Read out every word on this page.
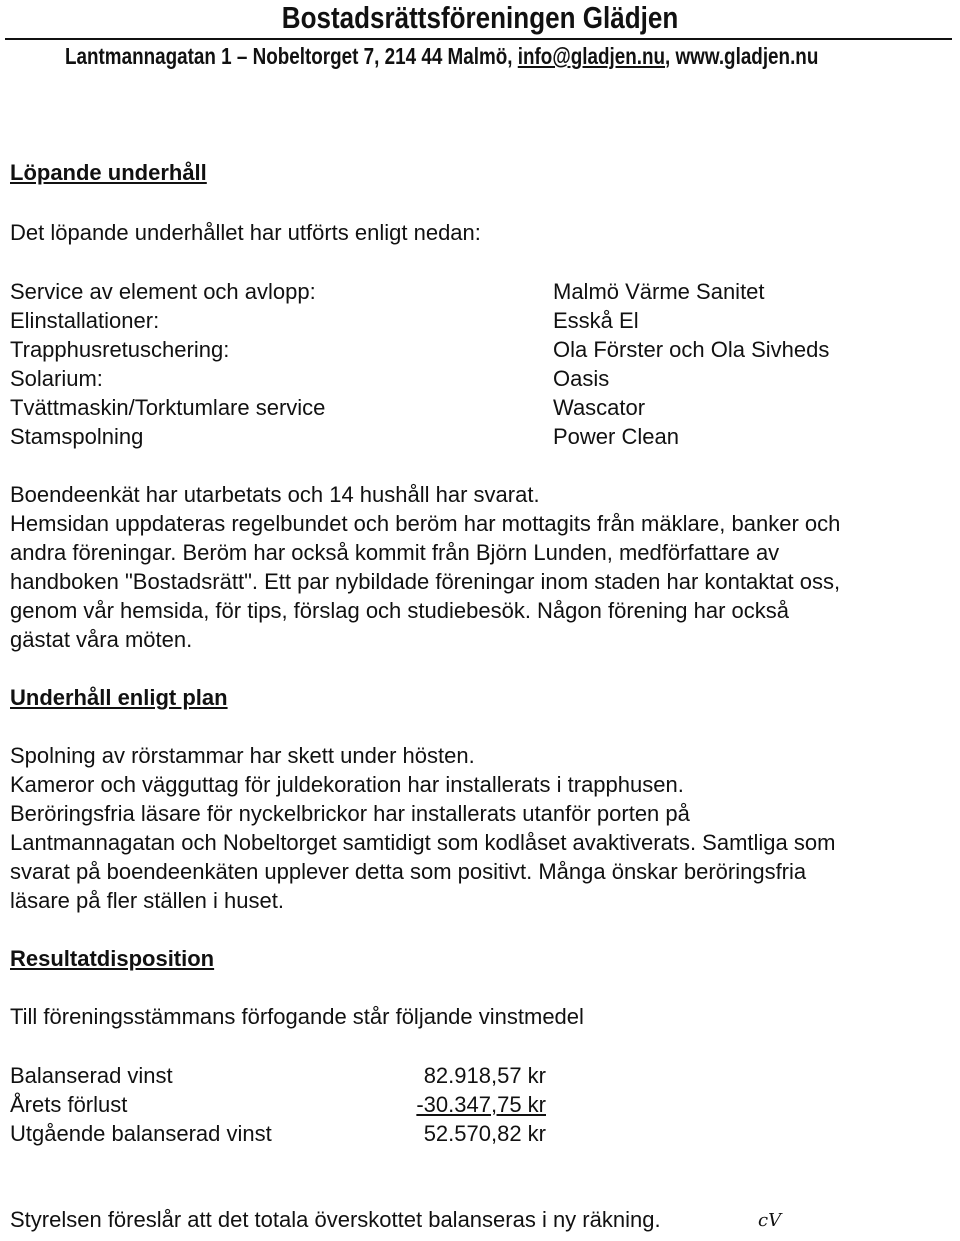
Bostadsrättsföreningen Glädjen
Lantmannagatan 1 – Nobeltorget 7, 214 44 Malmö, info@gladjen.nu, www.gladjen.nu
Löpande underhåll
Det löpande underhållet har utförts enligt nedan:
Service av element och avlopp:	Malmö Värme Sanitet
Elinstallationer:	Esskå El
Trapphusretuschering:	Ola Förster och Ola Sivheds
Solarium:	Oasis
Tvättmaskin/Torktumlare service	Wascator
Stamspolning	Power Clean
Boendeenkät har utarbetats och 14 hushåll har svarat.
Hemsidan uppdateras regelbundet och beröm har mottagits från mäklare, banker och
andra föreningar. Beröm har också kommit från Björn Lunden, medförfattare av
handboken "Bostadsrätt". Ett par nybildade föreningar inom staden har kontaktat oss,
genom vår hemsida, för tips, förslag och studiebesök. Någon förening har också
gästat våra möten.
Underhåll enligt plan
Spolning av rörstammar har skett under hösten.
Kameror och vägguttag för juldekoration har installerats i trapphusen.
Beröringsfria läsare för nyckelbrickor har installerats utanför porten på
Lantmannagatan och Nobeltorget samtidigt som kodlåset avaktiverats. Samtliga som
svarat på boendeenkäten upplever detta som positivt. Många önskar beröringsfria
läsare på fler ställen i huset.
Resultatdisposition
Till föreningsstämmans förfogande står följande vinstmedel
Balanserad vinst	82.918,57 kr
Årets förlust	-30.347,75 kr
Utgående balanserad vinst	52.570,82 kr
Styrelsen föreslår att det totala överskottet balanseras i ny räkning.	cV
